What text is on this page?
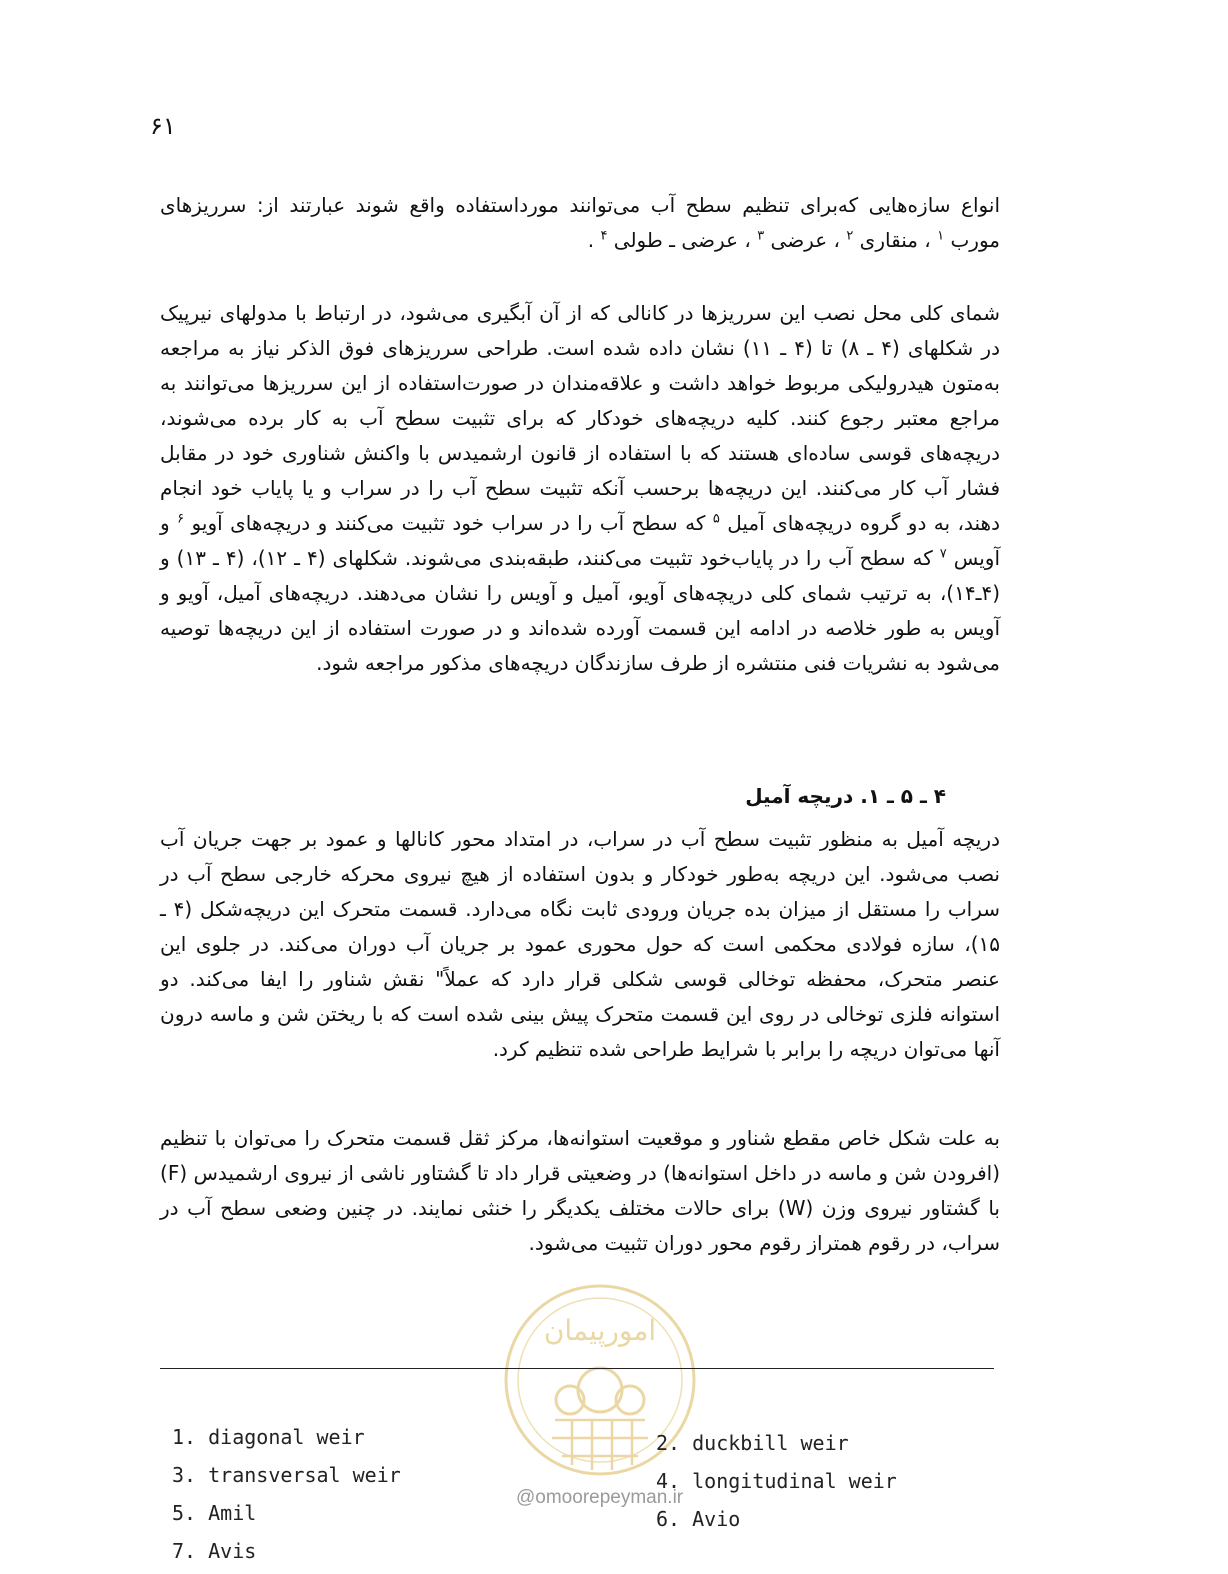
۶۱

انواع سازه‌هایی که‌برای تنظیم سطح آب می‌توانند مورداستفاده واقع شوند عبارتند از: سرریزهای مورب $^۱$ ، منقاری $^۲$ ، عرضی $^۳$ ، عرضی ـ طولی $^۴$ .

شمای کلی محل نصب این سرریزها در کانالی که از آن آبگیری می‌شود، در ارتباط با مدولهای نیرپیک در شکلهای (۴ ـ ۸) تا (۴ ـ ۱۱) نشان داده شده است. طراحی سرریزهای فوق الذکر نیاز به مراجعه به‌متون هیدرولیکی مربوط خواهد داشت و علاقه‌مندان در صورت‌استفاده از این سرریزها می‌توانند به مراجع معتبر رجوع کنند. کلیه دریچه‌های خودکار که برای تثبیت سطح آب به کار برده می‌شوند، دریچه‌های قوسی ساده‌ای هستند که با استفاده از قانون ارشمیدس با واکنش شناوری خود در مقابل فشار آب کار می‌کنند. این دریچه‌ها برحسب آنکه تثبیت سطح آب را در سراب و یا پایاب خود انجام دهند، به دو گروه دریچه‌های آمیل $^۵$ که سطح آب را در سراب خود تثبیت می‌کنند و دریچه‌های آویو $^۶$ و آویس $^۷$ که سطح آب را در پایاب‌خود تثبیت می‌کنند، طبقه‌بندی می‌شوند. شکلهای (۴ ـ ۱۲)، (۴ ـ ۱۳) و (۴ـ۱۴)، به ترتیب شمای کلی دریچه‌های آویو، آمیل و آویس را نشان می‌دهند. دریچه‌های آمیل، آویو و آویس به طور خلاصه در ادامه این قسمت آورده شده‌اند و در صورت استفاده از این دریچه‌ها توصیه می‌شود به نشریات فنی منتشره از طرف سازندگان دریچه‌های مذکور مراجعه شود.

۴ ـ ۵ ـ ۱. دریچه آمیل

دریچه آمیل به منظور تثبیت سطح آب در سراب، در امتداد محور کانالها و عمود بر جهت جریان آب نصب می‌شود. این دریچه به‌طور خودکار و بدون استفاده از هیچ نیروی محرکه خارجی سطح آب در سراب را مستقل از میزان بده جریان ورودی ثابت نگاه می‌دارد. قسمت متحرک این دریچه‌شکل (۴ ـ ۱۵)، سازه فولادی محکمی است که حول محوری عمود بر جریان آب دوران می‌کند. در جلوی این عنصر متحرک، محفظه توخالی قوسی شکلی قرار دارد که عملاً" نقش شناور را ایفا می‌کند. دو استوانه فلزی توخالی در روی این قسمت متحرک پیش بینی شده است که با ریختن شن و ماسه درون آنها می‌توان دریچه را برابر با شرایط طراحی شده تنظیم کرد.

به علت شکل خاص مقطع شناور و موقعیت استوانه‌ها، مرکز ثقل قسمت متحرک را می‌توان با تنظیم (افرودن شن و ماسه در داخل استوانه‌ها) در وضعیتی قرار داد تا گشتاور ناشی از نیروی ارشمیدس (F) با گشتاور نیروی وزن (W) برای حالات مختلف یکدیگر را خنثی نمایند. در چنین وضعی سطح آب در سراب، در رقوم همتراز رقوم محور دوران تثبیت می‌شود.

امورپیمان
1. diagonal weir	2. duckbill weir
3. transversal weir	4. longitudinal weir
5. Amil	6. Avio
7. Avis
@omoorepeyman.ir
